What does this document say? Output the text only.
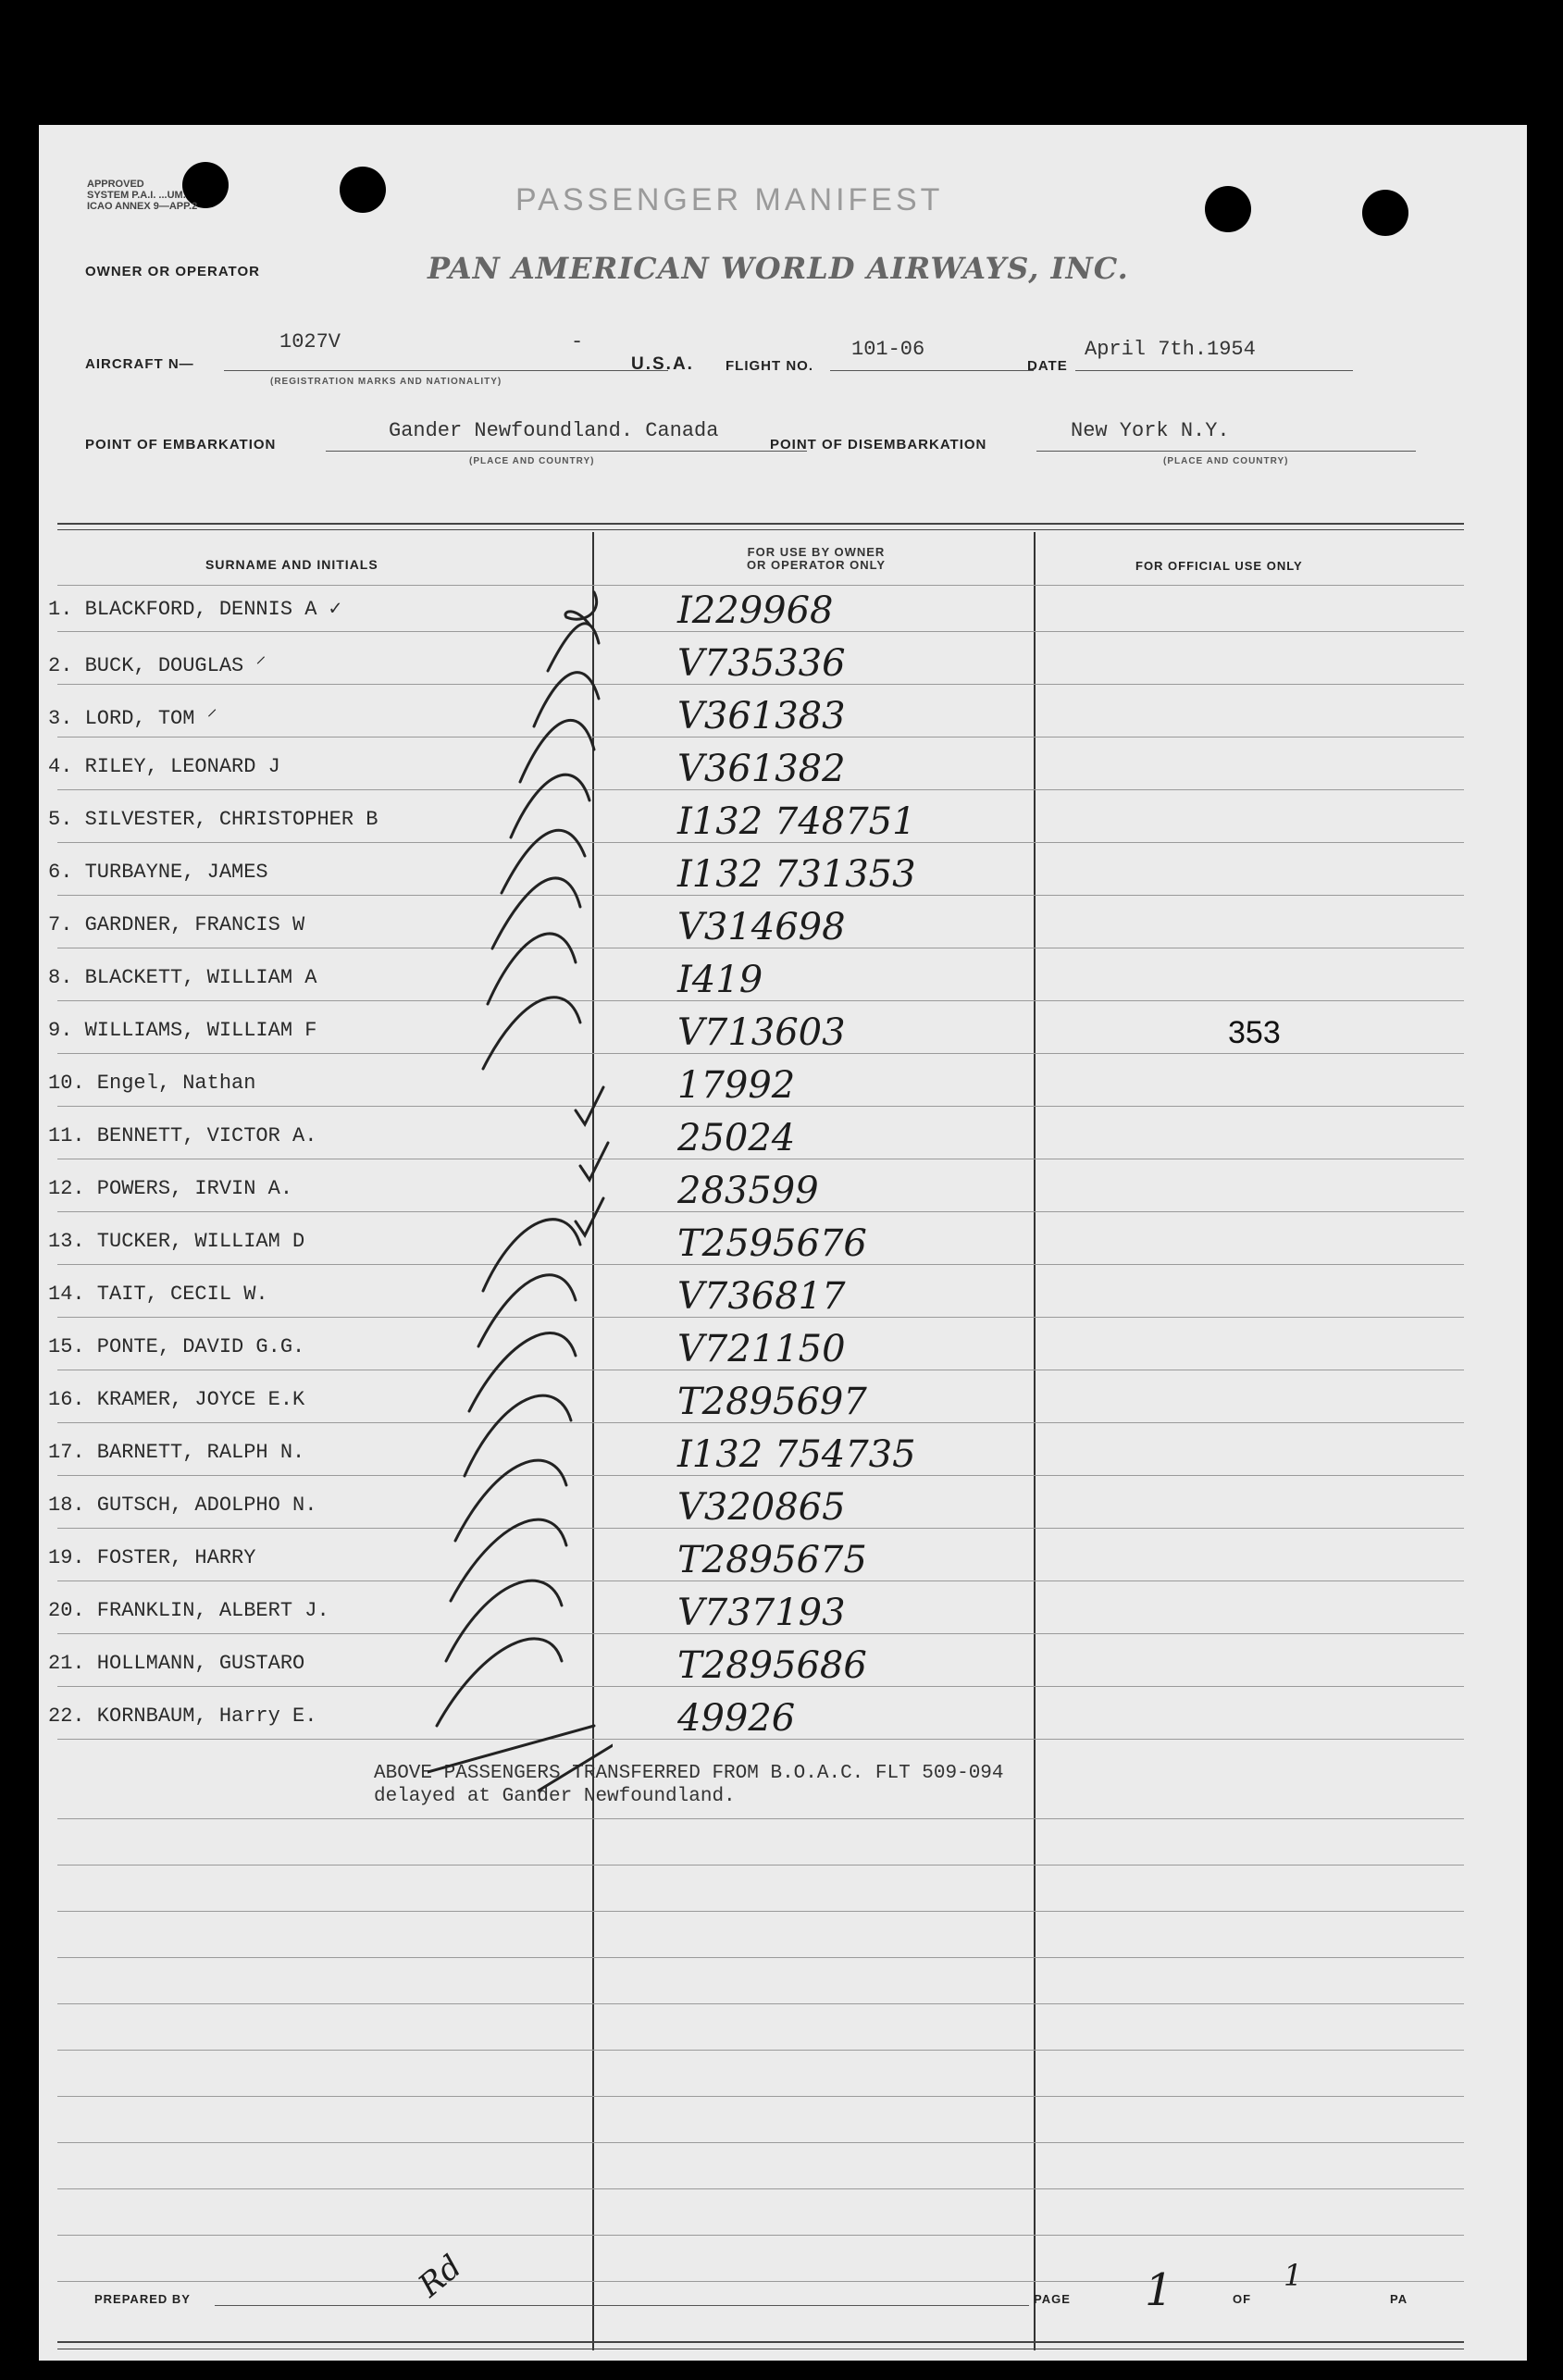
APPROVED
SYSTEM P.A.I. ...UM.
ICAO ANNEX 9—APP.2	PASSENGER MANIFEST
OWNER OR OPERATOR	PAN AMERICAN WORLD AIRWAYS, INC.
AIRCRAFT N—
1027V	-
(REGISTRATION MARKS AND NATIONALITY)
U.S.A. FLIGHT NO.
101-06
DATE
April 7th.1954
POINT OF EMBARKATION
Gander Newfoundland. Canada
(PLACE AND COUNTRY)
POINT OF DISEMBARKATION
New York N.Y.
(PLACE AND COUNTRY)
SURNAME AND INITIALS
FOR USE BY OWNER
OR OPERATOR ONLY	FOR OFFICIAL USE ONLY
1. BLACKFORD, DENNIS A ✓	I229968
2. BUCK, DOUGLAS ⸍	V735336
3. LORD, TOM ⸍	V361383
4. RILEY, LEONARD J	V361382
5. SILVESTER, CHRISTOPHER B	I132 748751
6. TURBAYNE, JAMES	I132 731353
7. GARDNER, FRANCIS W	V314698
8. BLACKETT, WILLIAM A	I419
9. WILLIAMS, WILLIAM F	V713603	353
10. Engel, Nathan	17992
11. BENNETT, VICTOR A.	25024
12. POWERS, IRVIN A.	283599
13. TUCKER, WILLIAM D	T2595676
14. TAIT, CECIL W.	V736817
15. PONTE, DAVID G.G.	V721150
16. KRAMER, JOYCE E.K	T2895697
17. BARNETT, RALPH N.	I132 754735
18. GUTSCH, ADOLPHO N.	V320865
19. FOSTER, HARRY	T2895675
20. FRANKLIN, ALBERT J.	V737193
21. HOLLMANN, GUSTARO	T2895686
22. KORNBAUM, Harry E.	49926
ABOVE PASSENGERS TRANSFERRED FROM B.O.A.C. FLT 509-094
delayed at Gander Newfoundland.
PREPARED BY	Rd	PAGE 1	OF
1
PA
